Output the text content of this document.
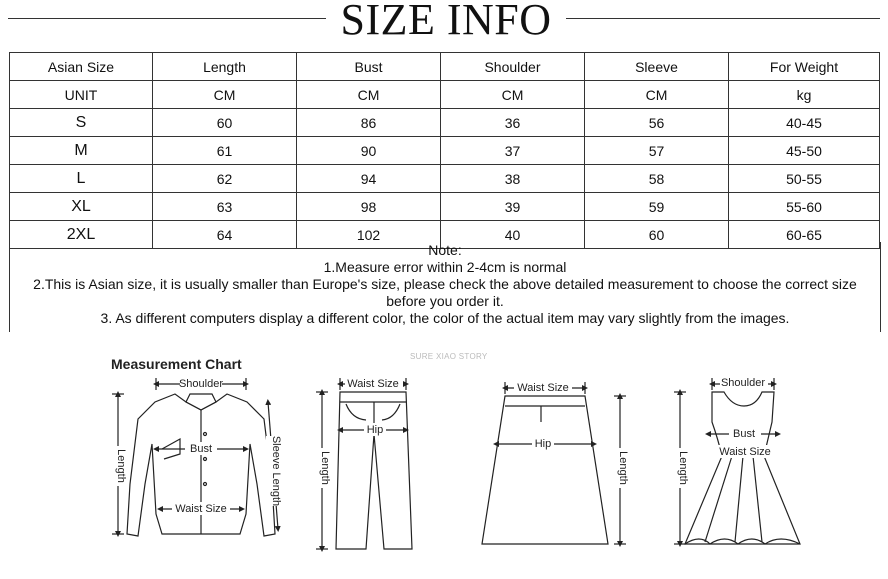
SIZE INFO
Asian Size	Length	Bust	Shoulder	Sleeve	For Weight
UNIT	CM	CM	CM	CM	kg
S	60	86	36	56	40-45
M	61	90	37	57	45-50
L	62	94	38	58	50-55
XL	63	98	39	59	55-60
2XL	64	102	40	60	60-65
Note:
1.Measure error within 2-4cm is normal
2.This is Asian size, it is usually smaller than Europe's size, please check the above detailed measurement to choose the correct size
before you order it.
3. As different computers display a different color, the color of the actual item may vary slightly from the images.
Measurement Chart	SURE XIAO STORY
Shoulder
Bust
Waist Size
Length	Sleeve Length
Waist Size
Hip
Length
Waist Size
Hip
Length
Shoulder
Bust
Waist Size
Length
